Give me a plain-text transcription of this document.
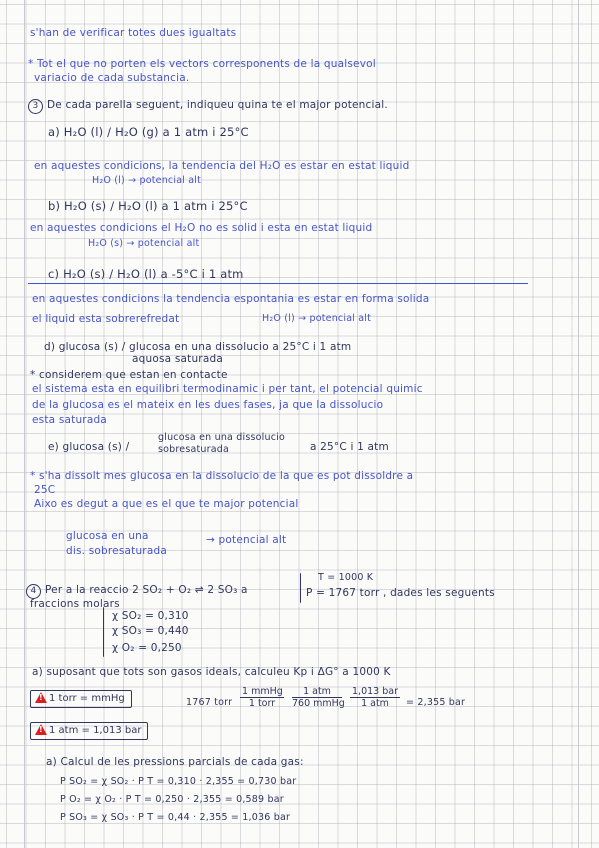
s'han de verificar totes dues igualtats
* Tot el que no porten els vectors corresponents de la qualsevol
variacio de cada substancia.
3 De cada parella seguent, indiqueu quina te el major potencial.
a) H₂O (l) / H₂O (g) a 1 atm i 25°C
en aquestes condicions, la tendencia del H₂O es estar en estat liquid
H₂O (l) → potencial alt
b) H₂O (s) / H₂O (l) a 1 atm i 25°C
en aquestes condicions el H₂O no es solid i esta en estat liquid
H₂O (s) → potencial alt
c) H₂O (s) / H₂O (l) a -5°C i 1 atm
en aquestes condicions la tendencia espontania es estar en forma solida
el liquid esta sobrerefredat	H₂O (l) → potencial alt
d) glucosa (s) / glucosa en una dissolucio a 25°C i 1 atm
aquosa saturada
* considerem que estan en contacte
el sistema esta en equilibri termodinamic i per tant, el potencial quimic
de la glucosa es el mateix en les dues fases, ja que la dissolucio
esta saturada
e) glucosa (s) /
glucosa en una dissolucio
sobresaturada	a 25°C i 1 atm
* s'ha dissolt mes glucosa en la dissolucio de la que es pot dissoldre a
25C
Aixo es degut a que es el que te major potencial
glucosa en una
dis. sobresaturada
→ potencial alt
4 Per a la reaccio 2 SO₂ + O₂ ⇌ 2 SO₃ a
T = 1000 K
P = 1767 torr , dades les seguents
fraccions molars
χ SO₂ = 0,310
χ SO₃ = 0,440
χ O₂ = 0,250
a) suposant que tots son gasos ideals, calculeu Kp i ΔG° a 1000 K
! 1 torr = mmHg
! 1 atm = 1,013 bar
1767 torr
1 mmHg
1 torr
1 atm
760 mmHg
1,013 bar
1 atm	= 2,355 bar
a) Calcul de les pressions parcials de cada gas:
P SO₂ = χ SO₂ · P T = 0,310 · 2,355 = 0,730 bar
P O₂ = χ O₂ · P T = 0,250 · 2,355 = 0,589 bar
P SO₃ = χ SO₃ · P T = 0,44 · 2,355 = 1,036 bar
